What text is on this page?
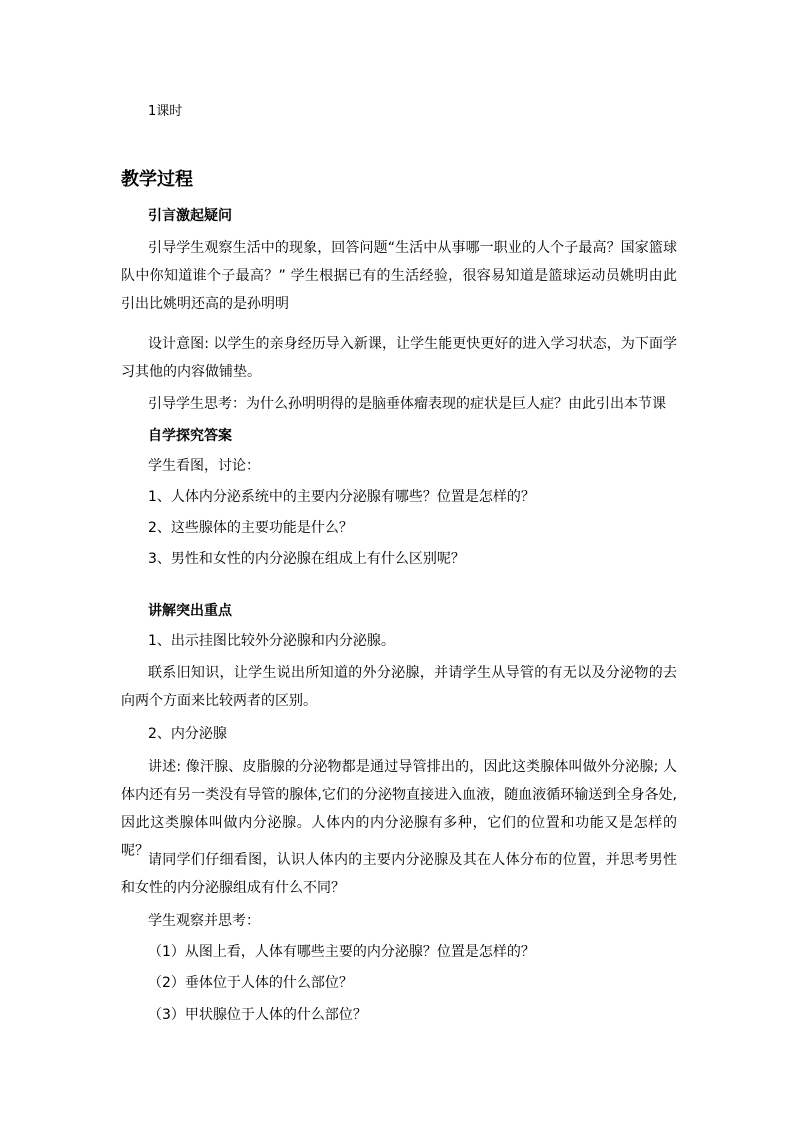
1课时
教学过程
引言激起疑问
引导学生观察生活中的现象，回答问题“生活中从事哪一职业的人个子最高？国家篮球队中你知道谁个子最高？” 学生根据已有的生活经验，很容易知道是篮球运动员姚明由此引出比姚明还高的是孙明明
设计意图: 以学生的亲身经历导入新课，让学生能更快更好的进入学习状态，为下面学习其他的内容做铺垫。
引导学生思考：为什么孙明明得的是脑垂体瘤表现的症状是巨人症？由此引出本节课
自学探究答案
学生看图，讨论：
1、人体内分泌系统中的主要内分泌腺有哪些？位置是怎样的？
2、这些腺体的主要功能是什么？
3、男性和女性的内分泌腺在组成上有什么区别呢？
讲解突出重点
1、出示挂图比较外分泌腺和内分泌腺。
联系旧知识，让学生说出所知道的外分泌腺，并请学生从导管的有无以及分泌物的去向两个方面来比较两者的区别。
2、内分泌腺
讲述: 像汗腺、皮脂腺的分泌物都是通过导管排出的，因此这类腺体叫做外分泌腺; 人体内还有另一类没有导管的腺体,它们的分泌物直接进入血液，随血液循环输送到全身各处,因此这类腺体叫做内分泌腺。人体内的内分泌腺有多种，它们的位置和功能又是怎样的呢？
请同学们仔细看图，认识人体内的主要内分泌腺及其在人体分布的位置，并思考男性和女性的内分泌腺组成有什么不同？
学生观察并思考：
（1）从图上看，人体有哪些主要的内分泌腺？位置是怎样的？
（2）垂体位于人体的什么部位？
（3）甲状腺位于人体的什么部位？
